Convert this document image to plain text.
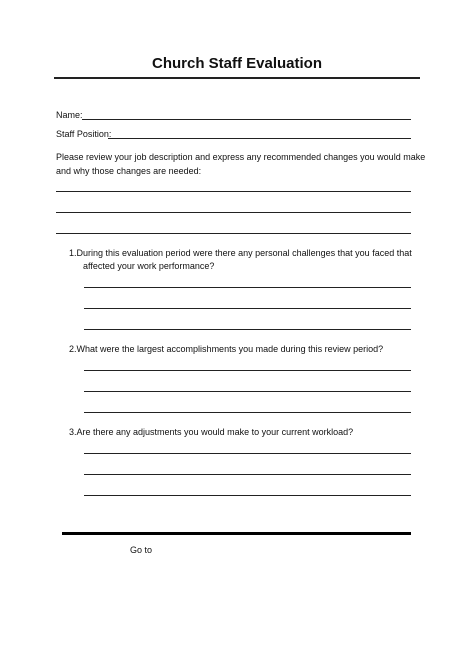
Church Staff Evaluation
Name:
Staff Position:
Please review your job description and express any recommended changes you would make
and why those changes are needed:
1.During this evaluation period were there any personal challenges that you faced that
affected your work performance?
2.What were the largest accomplishments you made during this review period?
3.Are there any adjustments you would make to your current workload?
Go to
